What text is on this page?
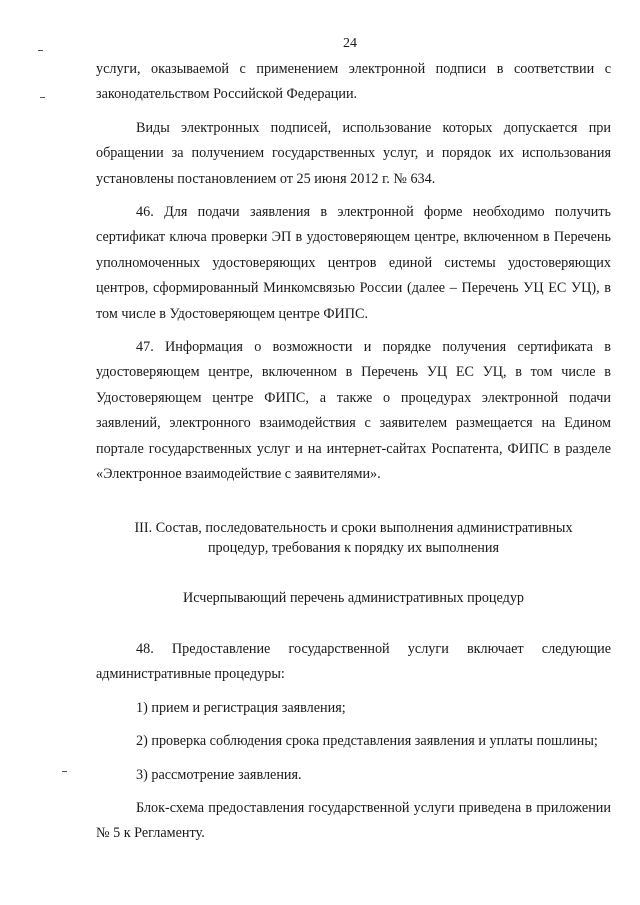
24

услуги, оказываемой с применением электронной подписи в соответствии с законодательством Российской Федерации.

Виды электронных подписей, использование которых допускается при обращении за получением государственных услуг, и порядок их использования установлены постановлением от 25 июня 2012 г. № 634.

46. Для подачи заявления в электронной форме необходимо получить сертификат ключа проверки ЭП в удостоверяющем центре, включенном в Перечень уполномоченных удостоверяющих центров единой системы удостоверяющих центров, сформированный Минкомсвязью России (далее – Перечень УЦ ЕС УЦ), в том числе в Удостоверяющем центре ФИПС.

47. Информация о возможности и порядке получения сертификата в удостоверяющем центре, включенном в Перечень УЦ ЕС УЦ, в том числе в Удостоверяющем центре ФИПС, а также о процедурах электронной подачи заявлений, электронного взаимодействия с заявителем размещается на Едином портале государственных услуг и на интернет-сайтах Роспатента, ФИПС в разделе «Электронное взаимодействие с заявителями».

III. Состав, последовательность и сроки выполнения административных
процедур, требования к порядку их выполнения

Исчерпывающий перечень административных процедур

48. Предоставление государственной услуги включает следующие административные процедуры:

1) прием и регистрация заявления;

2) проверка соблюдения срока представления заявления и уплаты пошлины;

3) рассмотрение заявления.

Блок-схема предоставления государственной услуги приведена в приложении № 5 к Регламенту.
